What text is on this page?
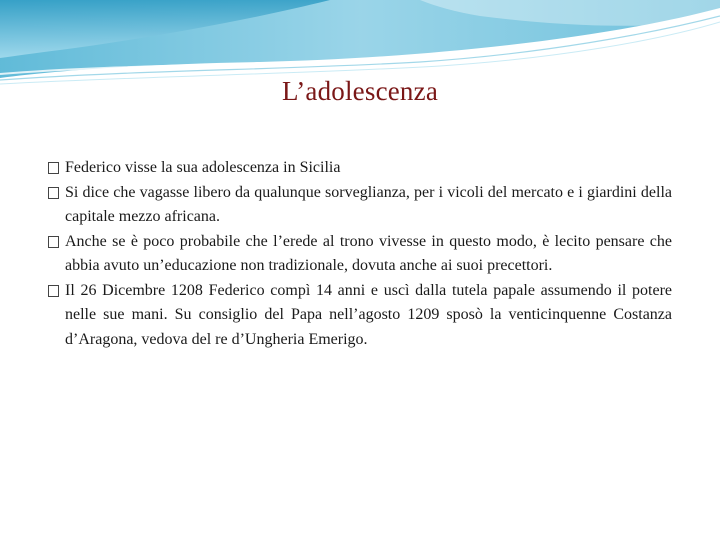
L’adolescenza
Federico visse la sua adolescenza in Sicilia
Si dice che vagasse libero da qualunque sorveglianza, per i vicoli del mercato e i giardini della capitale mezzo africana.
Anche se è poco probabile che l’erede al trono vivesse in questo modo, è lecito pensare che abbia avuto un’educazione non tradizionale, dovuta anche ai suoi precettori.
Il 26 Dicembre 1208 Federico compì 14 anni e uscì dalla tutela papale assumendo il potere nelle sue mani. Su consiglio del Papa nell’agosto 1209 sposò la venticinquenne Costanza d’Aragona, vedova del re d’Ungheria Emerigo.
